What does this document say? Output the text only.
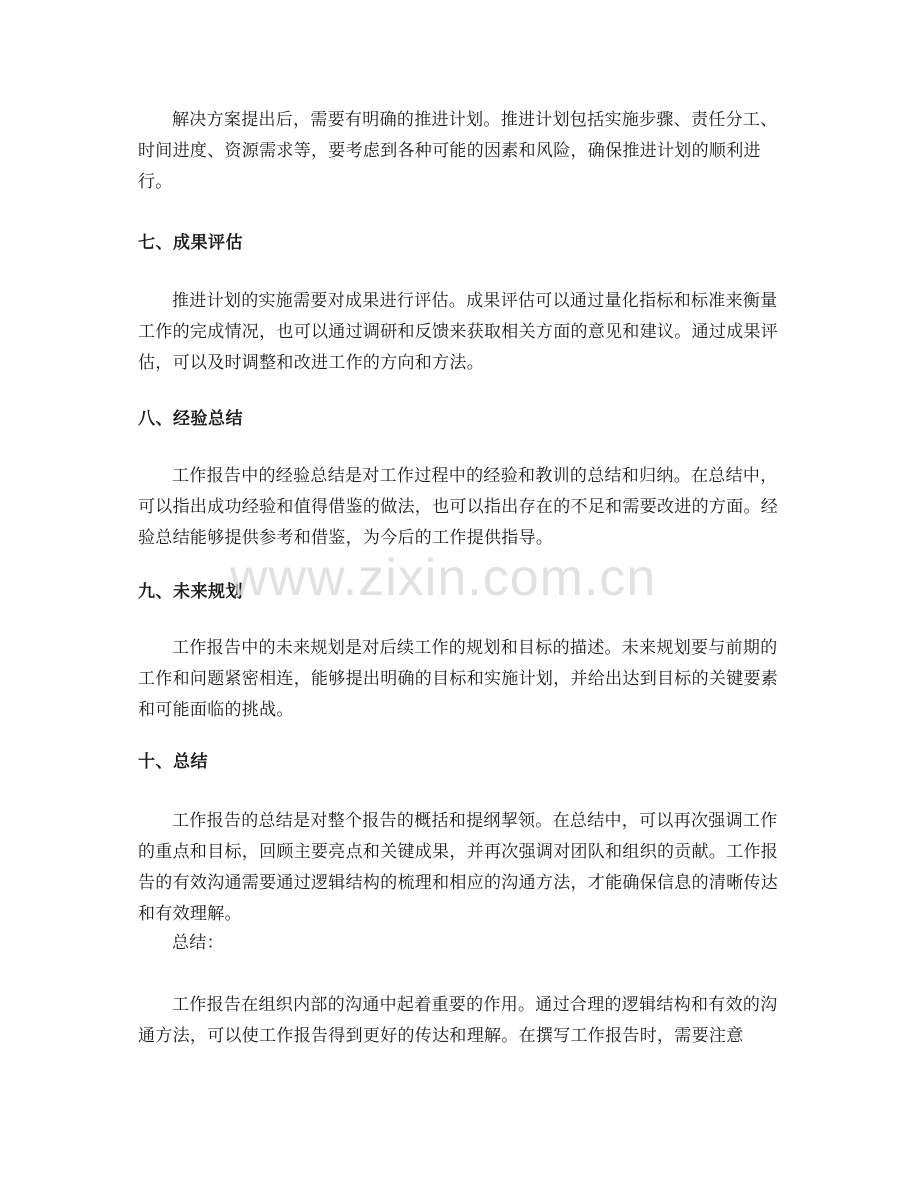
解决方案提出后，需要有明确的推进计划。推进计划包括实施步骤、责任分工、时间进度、资源需求等，要考虑到各种可能的因素和风险，确保推进计划的顺利进行。

七、成果评估

推进计划的实施需要对成果进行评估。成果评估可以通过量化指标和标准来衡量工作的完成情况，也可以通过调研和反馈来获取相关方面的意见和建议。通过成果评估，可以及时调整和改进工作的方向和方法。

八、经验总结

工作报告中的经验总结是对工作过程中的经验和教训的总结和归纳。在总结中，可以指出成功经验和值得借鉴的做法，也可以指出存在的不足和需要改进的方面。经验总结能够提供参考和借鉴，为今后的工作提供指导。

九、未来规划

工作报告中的未来规划是对后续工作的规划和目标的描述。未来规划要与前期的工作和问题紧密相连，能够提出明确的目标和实施计划，并给出达到目标的关键要素和可能面临的挑战。

十、总结

工作报告的总结是对整个报告的概括和提纲挈领。在总结中，可以再次强调工作的重点和目标，回顾主要亮点和关键成果，并再次强调对团队和组织的贡献。工作报告的有效沟通需要通过逻辑结构的梳理和相应的沟通方法，才能确保信息的清晰传达和有效理解。

总结：

工作报告在组织内部的沟通中起着重要的作用。通过合理的逻辑结构和有效的沟通方法，可以使工作报告得到更好的传达和理解。在撰写工作报告时，需要注意

www.zixin.com.cn
